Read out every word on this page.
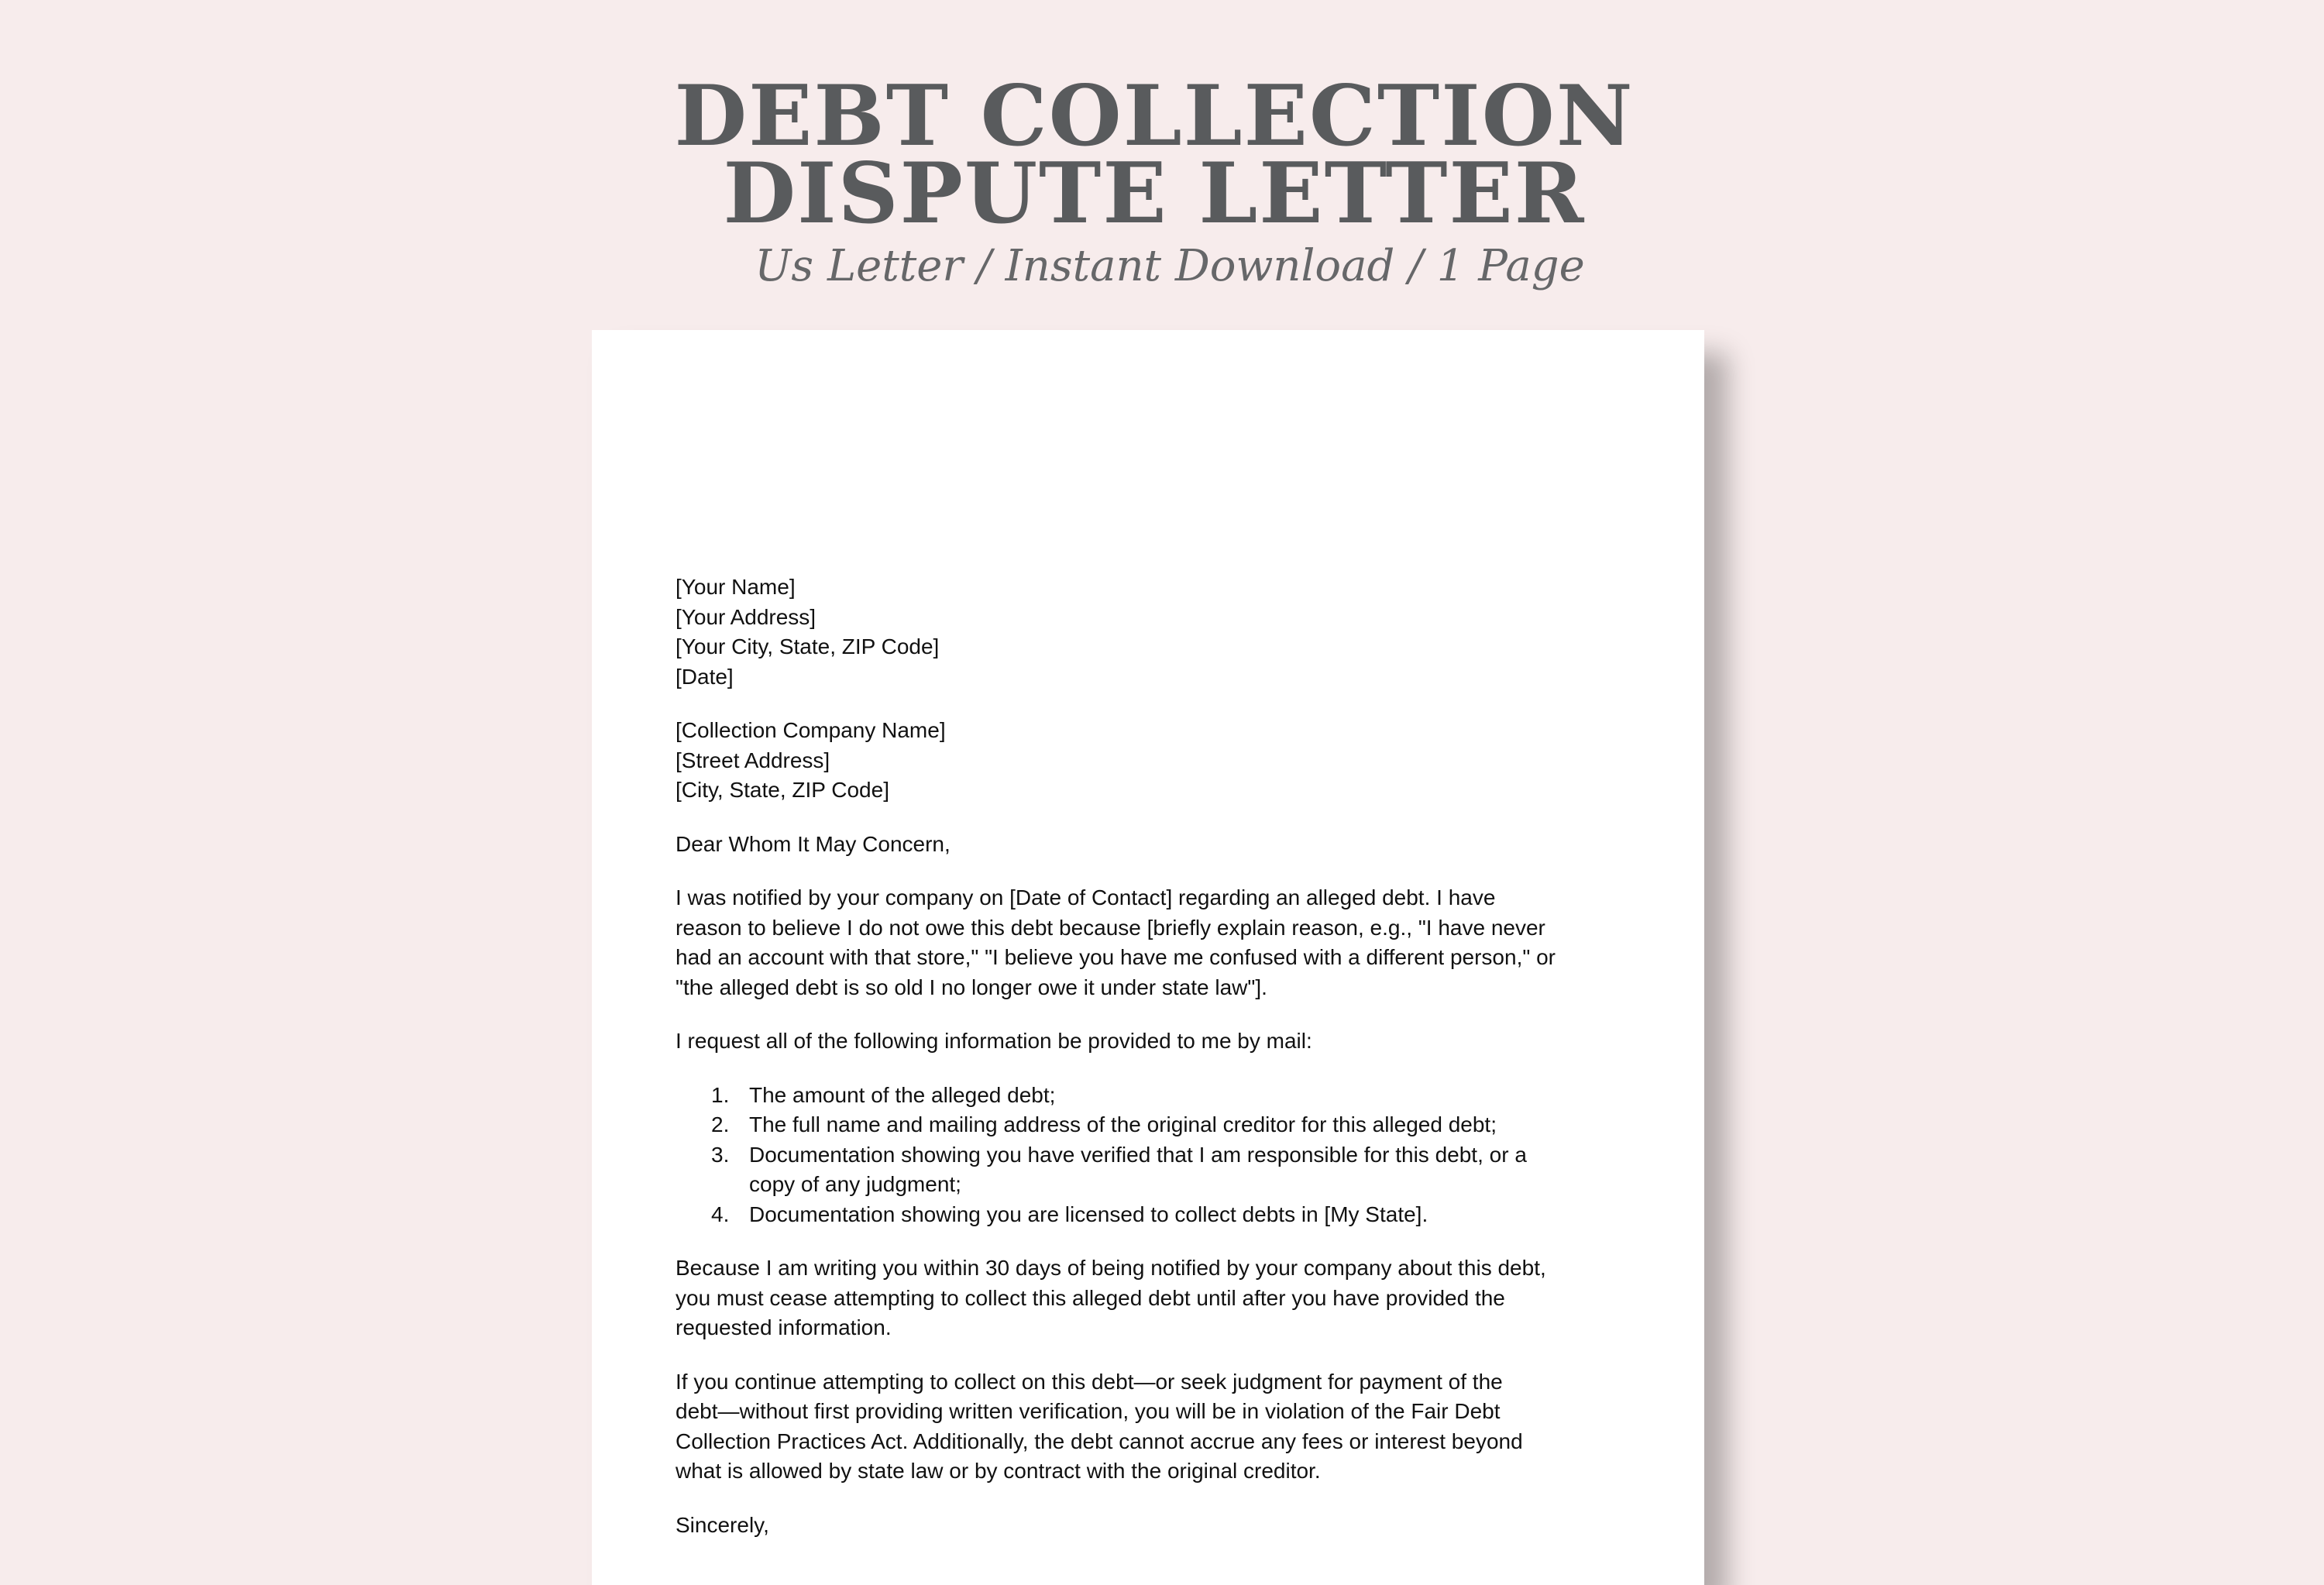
DEBT COLLECTION
DISPUTE LETTER
Us Letter / Instant Download / 1 Page

[Your Name]
[Your Address]
[Your City, State, ZIP Code]
[Date]

[Collection Company Name]
[Street Address]
[City, State, ZIP Code]

Dear Whom It May Concern,

I was notified by your company on [Date of Contact] regarding an alleged debt. I have
reason to believe I do not owe this debt because [briefly explain reason, e.g., "I have never
had an account with that store," "I believe you have me confused with a different person," or
"the alleged debt is so old I no longer owe it under state law"].

I request all of the following information be provided to me by mail:

1. The amount of the alleged debt;
2. The full name and mailing address of the original creditor for this alleged debt;
3. Documentation showing you have verified that I am responsible for this debt, or a
copy of any judgment;
4. Documentation showing you are licensed to collect debts in [My State].

Because I am writing you within 30 days of being notified by your company about this debt,
you must cease attempting to collect this alleged debt until after you have provided the
requested information.

If you continue attempting to collect on this debt—or seek judgment for payment of the
debt—without first providing written verification, you will be in violation of the Fair Debt
Collection Practices Act. Additionally, the debt cannot accrue any fees or interest beyond
what is allowed by state law or by contract with the original creditor.

Sincerely,
